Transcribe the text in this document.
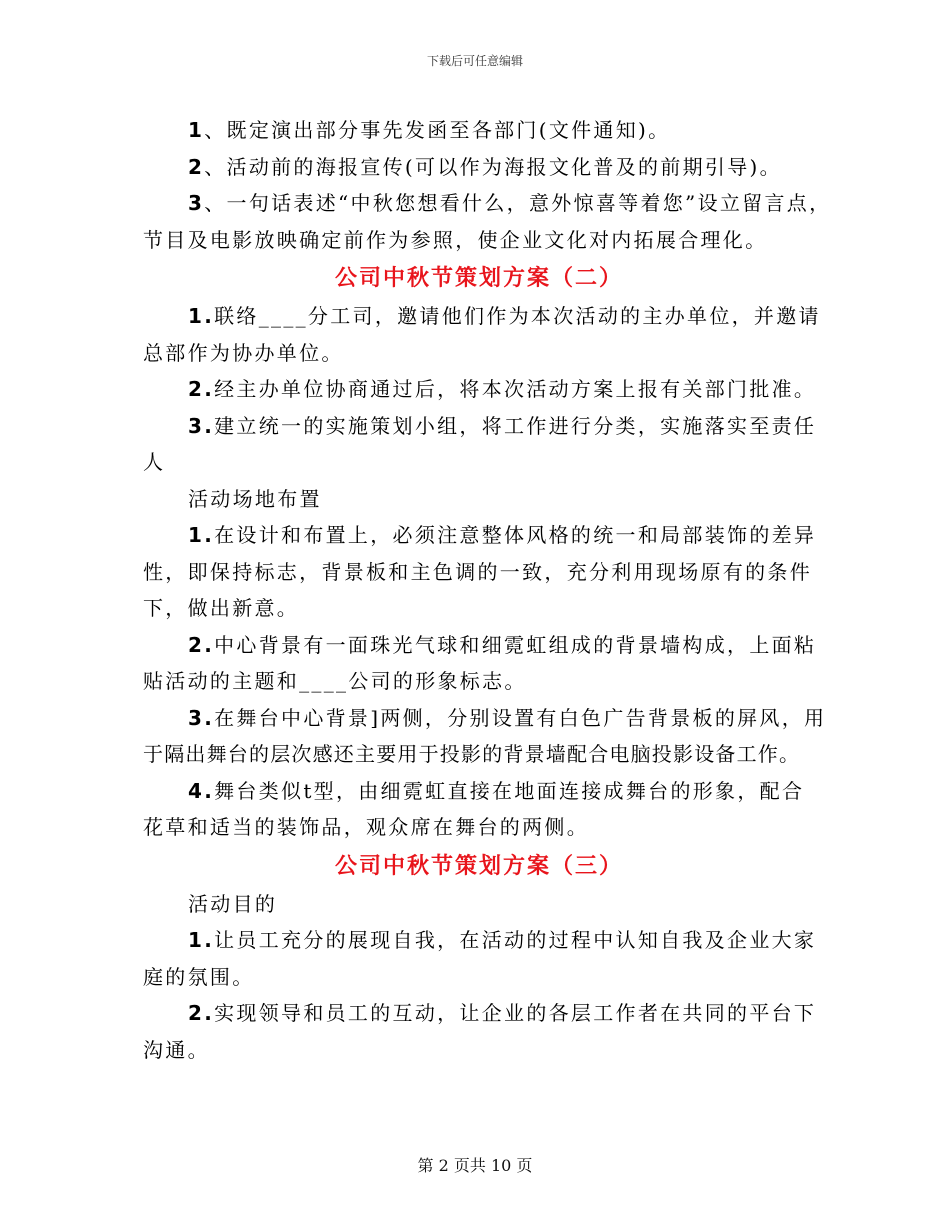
下载后可任意编辑

1、既定演出部分事先发函至各部门(文件通知)。

2、活动前的海报宣传(可以作为海报文化普及的前期引导)。

3、一句话表述“中秋您想看什么，意外惊喜等着您”设立留言点，

节目及电影放映确定前作为参照，使企业文化对内拓展合理化。

公司中秋节策划方案（二）

1.联络____分工司，邀请他们作为本次活动的主办单位，并邀请

总部作为协办单位。

2.经主办单位协商通过后，将本次活动方案上报有关部门批准。

3.建立统一的实施策划小组，将工作进行分类，实施落实至责任

人

活动场地布置

1.在设计和布置上，必须注意整体风格的统一和局部装饰的差异

性，即保持标志，背景板和主色调的一致，充分利用现场原有的条件

下，做出新意。

2.中心背景有一面珠光气球和细霓虹组成的背景墙构成，上面粘

贴活动的主题和____公司的形象标志。

3.在舞台中心背景]两侧，分别设置有白色广告背景板的屏风，用

于隔出舞台的层次感还主要用于投影的背景墙配合电脑投影设备工作。

4.舞台类似t型，由细霓虹直接在地面连接成舞台的形象，配合

花草和适当的装饰品，观众席在舞台的两侧。

公司中秋节策划方案（三）

活动目的

1.让员工充分的展现自我，在活动的过程中认知自我及企业大家

庭的氛围。

2.实现领导和员工的互动，让企业的各层工作者在共同的平台下

沟通。

第 2 页共 10 页
